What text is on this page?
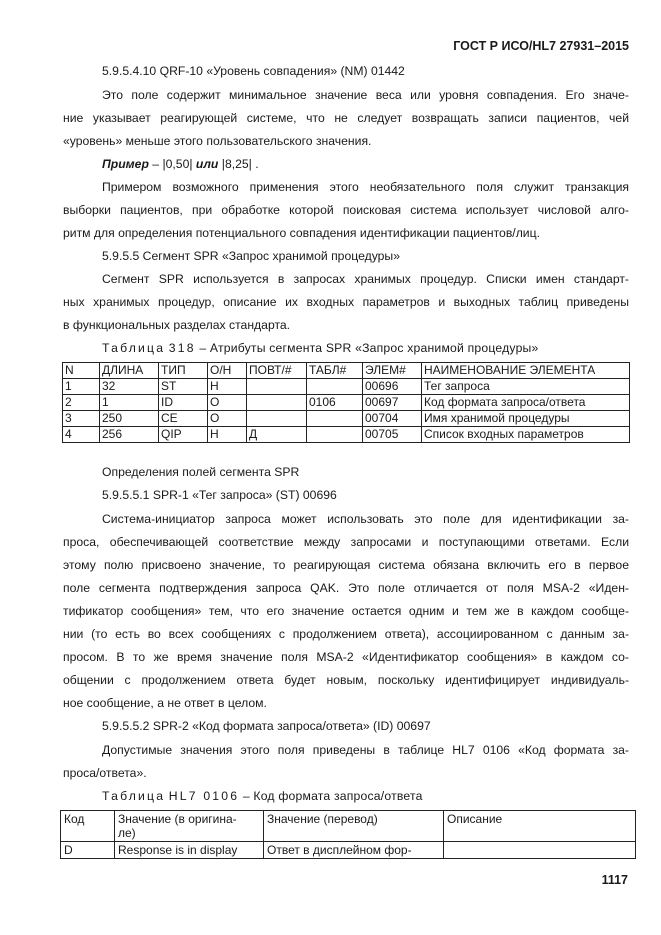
ГОСТ Р ИСО/HL7 27931–2015
5.9.5.4.10 QRF-10 «Уровень совпадения» (NM) 01442
Это поле содержит минимальное значение веса или уровня совпадения. Его значе-
ние указывает реагирующей системе, что не следует возвращать записи пациентов, чей
«уровень» меньше этого пользовательского значения.
Пример – |0,50| или |8,25| .
Примером возможного применения этого необязательного поля служит транзакция
выборки пациентов, при обработке которой поисковая система использует числовой алго-
ритм для определения потенциального совпадения идентификации пациентов/лиц.
5.9.5.5 Сегмент SPR «Запрос хранимой процедуры»
Сегмент SPR используется в запросах хранимых процедур. Списки имен стандарт-
ных хранимых процедур, описание их входных параметров и выходных таблиц приведены
в функциональных разделах стандарта.
Таблица 318 – Атрибуты сегмента SPR «Запрос хранимой процедуры»
N	ДЛИНА	ТИП	О/Н	ПОВТ/#	ТАБЛ#	ЭЛЕМ#	НАИМЕНОВАНИЕ ЭЛЕМЕНТА
1	32	ST	Н			00696	Тег запроса
2	1	ID	О		0106	00697	Код формата запроса/ответа
3	250	CE	О			00704	Имя хранимой процедуры
4	256	QIP	Н	Д		00705	Список входных параметров
Определения полей сегмента SPR
5.9.5.5.1 SPR-1 «Тег запроса» (ST) 00696
Система-инициатор запроса может использовать это поле для идентификации за-
проса, обеспечивающей соответствие между запросами и поступающими ответами. Если
этому полю присвоено значение, то реагирующая система обязана включить его в первое
поле сегмента подтверждения запроса QAK. Это поле отличается от поля MSA-2 «Иден-
тификатор сообщения» тем, что его значение остается одним и тем же в каждом сообще-
нии (то есть во всех сообщениях с продолжением ответа), ассоциированном с данным за-
просом. В то же время значение поля MSA-2 «Идентификатор сообщения» в каждом со-
общении с продолжением ответа будет новым, поскольку идентифицирует индивидуаль-
ное сообщение, а не ответ в целом.
5.9.5.5.2 SPR-2 «Код формата запроса/ответа» (ID) 00697
Допустимые значения этого поля приведены в таблице HL7 0106 «Код формата за-
проса/ответа».
Таблица HL7 0106 – Код формата запроса/ответа
Код	Значение (в оригина-
ле)	Значение (перевод)	Описание
D	Response is in display	Ответ в дисплейном фор-	
1117
